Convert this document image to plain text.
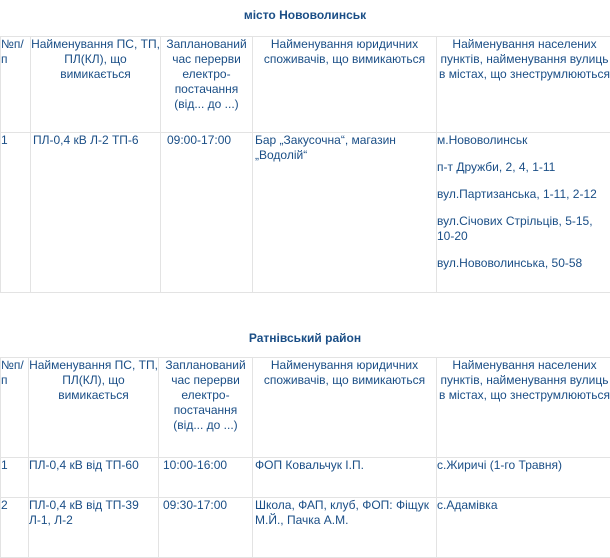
місто Нововолинськ
№п/п	Найменування ПС, ТП, ПЛ(КЛ), що вимикається	Запланований час перерви електро-постачання (від... до ...)	Найменування юридичних споживачів, що вимикаються	Найменування населених пунктів, найменування вулиць в містах, що знеструмлюються
1	ПЛ-0,4 кВ Л-2 ТП-6	09:00-17:00	Бар „Закусочна“, магазин „Водолій“	м.Нововолинськ

п-т Дружби, 2, 4, 1-11

вул.Партизанська, 1-11, 2-12

вул.Січових Стрільців, 5-15, 10-20

вул.Нововолинська, 50-58

Ратнівський район
№п/п	Найменування ПС, ТП, ПЛ(КЛ), що вимикається	Запланований час перерви електро-постачання (від... до ...)	Найменування юридичних споживачів, що вимикаються	Найменування населених пунктів, найменування вулиць в містах, що знеструмлюються
1	ПЛ-0,4 кВ від ТП-60	10:00-16:00	ФОП Ковальчук І.П.	с.Жиричі (1-го Травня)

2	ПЛ-0,4 кВ від ТП-39 Л-1, Л-2	09:30-17:00	Школа, ФАП, клуб, ФОП: Фіщук М.Й., Пачка А.М.	с.Адамівка
